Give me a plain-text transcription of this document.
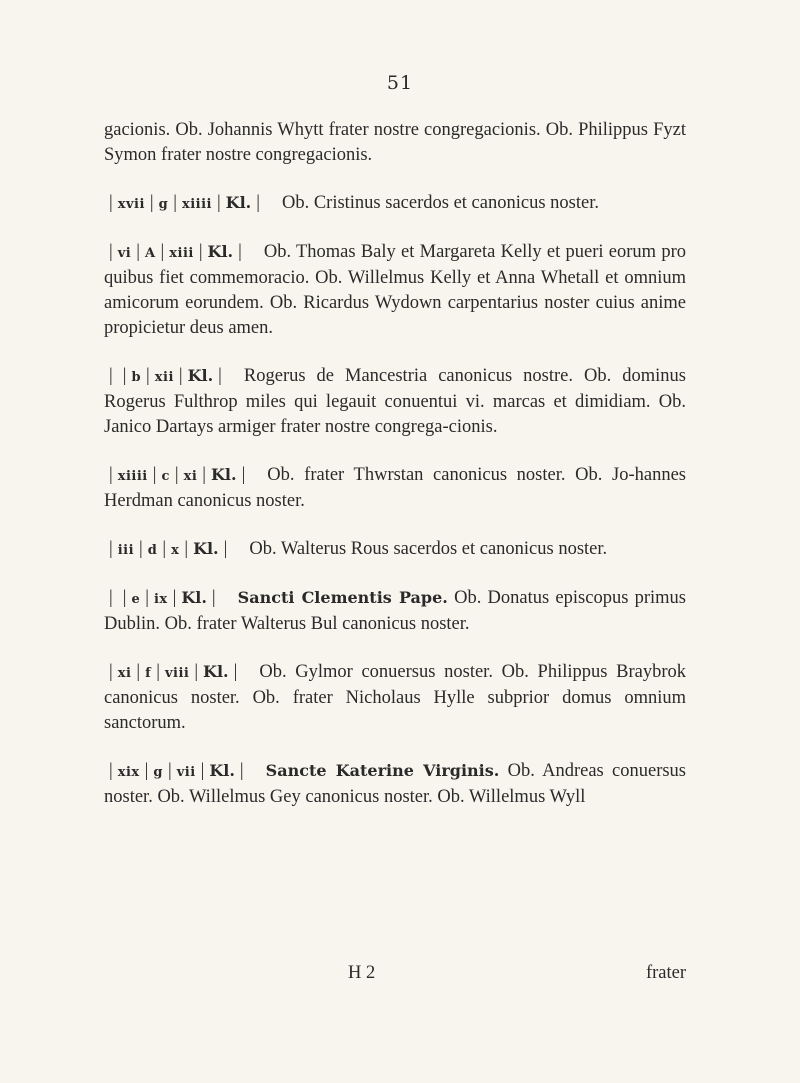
51

gacionis. Ob. Johannis Whytt frater nostre congregacionis. Ob. Philippus Fyzt Symon frater nostre congregacionis.

| xvii | g | xiiii | Kl. | Ob. Cristinus sacerdos et canonicus noster.

| vi | A | xiii | Kl. | Ob. Thomas Baly et Margareta Kelly et pueri eorum pro quibus fiet commemoracio. Ob. Willelmus Kelly et Anna Whetall et omnium amicorum eorundem. Ob. Ricardus Wydown carpentarius noster cuius anime propicietur deus amen.

| | b | xii | Kl. | Rogerus de Mancestria canonicus nostre. Ob. dominus Rogerus Fulthrop miles qui legauit conuentui vi. marcas et dimidiam. Ob. Janico Dartays armiger frater nostre congrega-cionis.

| xiiii | c | xi | Kl. | Ob. frater Thwrstan canonicus noster. Ob. Jo-hannes Herdman canonicus noster.

| iii | d | x | Kl. | Ob. Walterus Rous sacerdos et canonicus noster.

| | e | ix | Kl. | Sancti Clementis Pape. Ob. Donatus episcopus primus Dublin. Ob. frater Walterus Bul canonicus noster.

| xi | f | viii | Kl. | Ob. Gylmor conuersus noster. Ob. Philippus Braybrok canonicus noster. Ob. frater Nicholaus Hylle subprior domus omnium sanctorum.

| xix | g | vii | Kl. | Sancte Katerine Virginis. Ob. Andreas conuersus noster. Ob. Willelmus Gey canonicus noster. Ob. Willelmus Wyll

H 2	frater
